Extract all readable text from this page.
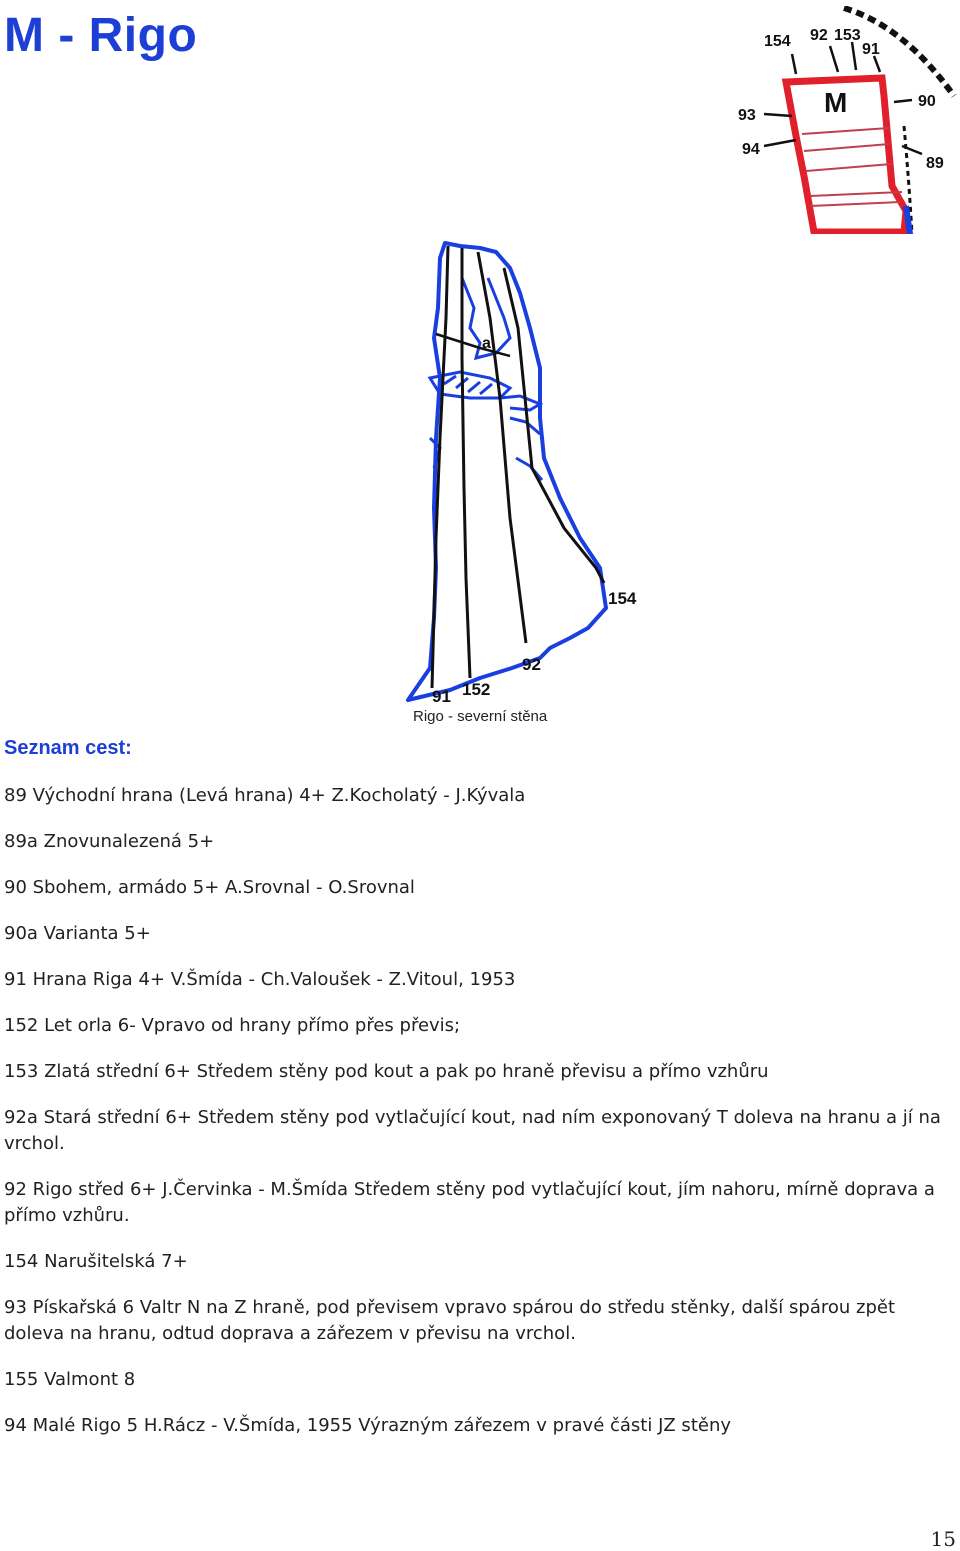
M - Rigo
M
154 92 153
91
93
94
90
89
a
154
92
91 152
Rigo - severní stěna
Seznam cest:
89 Východní hrana (Levá hrana) 4+ Z.Kocholatý - J.Kývala
89a Znovunalezená 5+
90 Sbohem, armádo 5+ A.Srovnal - O.Srovnal
90a Varianta 5+
91 Hrana Riga 4+ V.Šmída - Ch.Valoušek - Z.Vitoul, 1953
152 Let orla 6- Vpravo od hrany přímo přes převis;
153 Zlatá střední 6+ Středem stěny pod kout a pak po hraně převisu a přímo vzhůru
92a Stará střední 6+ Středem stěny pod vytlačující kout, nad ním exponovaný T doleva na hranu a jí na vrchol.
92 Rigo střed 6+ J.Červinka - M.Šmída Středem stěny pod vytlačující kout, jím nahoru, mírně doprava a přímo vzhůru.
154 Narušitelská 7+
93 Pískařská 6 Valtr N na Z hraně, pod převisem vpravo spárou do středu stěnky, další spárou zpět doleva na hranu, odtud doprava a zářezem v převisu na vrchol.
155 Valmont 8
94 Malé Rigo 5 H.Rácz - V.Šmída, 1955 Výrazným zářezem v pravé části JZ stěny
15
